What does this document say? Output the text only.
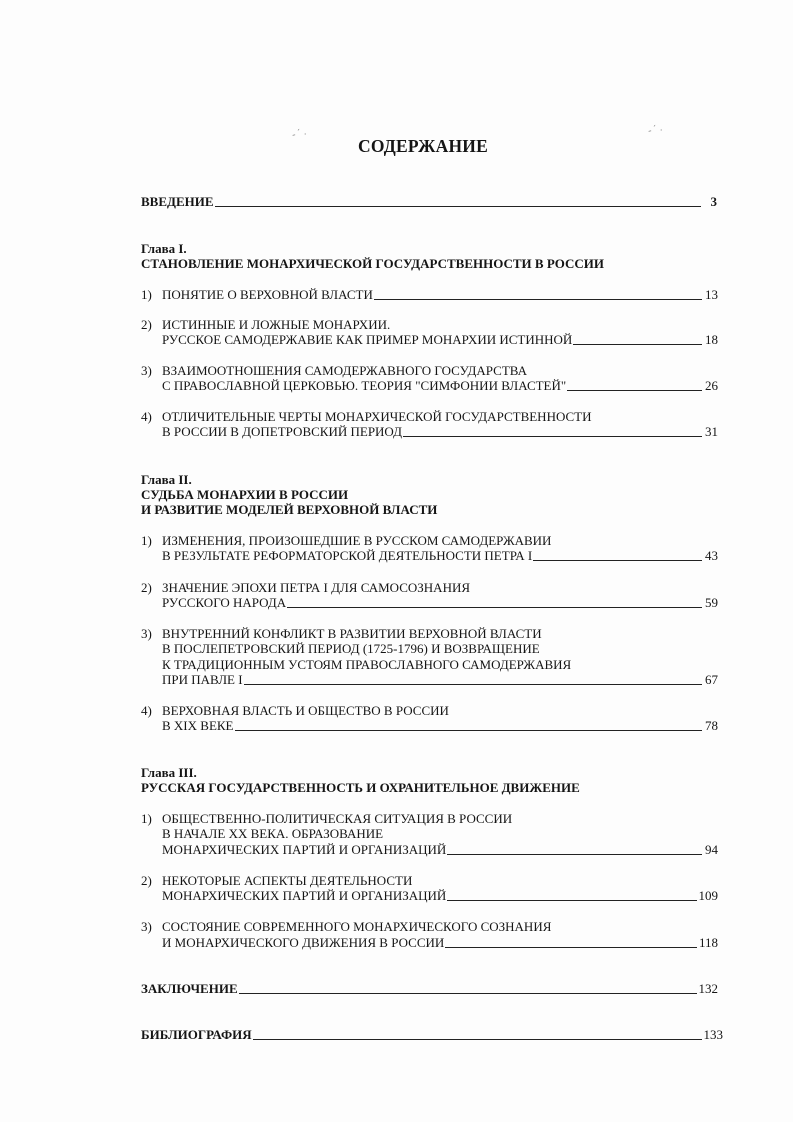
- ´ .	- ´ .
СОДЕРЖАНИЕ
ВВЕДЕНИЕ	3
Глава I.
СТАНОВЛЕНИЕ МОНАРХИЧЕСКОЙ ГОСУДАРСТВЕННОСТИ В РОССИИ
1) ПОНЯТИЕ О ВЕРХОВНОЙ ВЛАСТИ	13
2) ИСТИННЫЕ И ЛОЖНЫЕ МОНАРХИИ.
РУССКОЕ САМОДЕРЖАВИЕ КАК ПРИМЕР МОНАРХИИ ИСТИННОЙ	18
3) ВЗАИМООТНОШЕНИЯ САМОДЕРЖАВНОГО ГОСУДАРСТВА
С ПРАВОСЛАВНОЙ ЦЕРКОВЬЮ. ТЕОРИЯ "СИМФОНИИ ВЛАСТЕЙ"	26
4) ОТЛИЧИТЕЛЬНЫЕ ЧЕРТЫ МОНАРХИЧЕСКОЙ ГОСУДАРСТВЕННОСТИ
В РОССИИ В ДОПЕТРОВСКИЙ ПЕРИОД	31
Глава II.
СУДЬБА МОНАРХИИ В РОССИИ
И РАЗВИТИЕ МОДЕЛЕЙ ВЕРХОВНОЙ ВЛАСТИ
1) ИЗМЕНЕНИЯ, ПРОИЗОШЕДШИЕ В РУССКОМ САМОДЕРЖАВИИ
В РЕЗУЛЬТАТЕ РЕФОРМАТОРСКОЙ ДЕЯТЕЛЬНОСТИ ПЕТРА I	43
2) ЗНАЧЕНИЕ ЭПОХИ ПЕТРА I ДЛЯ САМОСОЗНАНИЯ
РУССКОГО НАРОДА	59
3) ВНУТРЕННИЙ КОНФЛИКТ В РАЗВИТИИ ВЕРХОВНОЙ ВЛАСТИ
В ПОСЛЕПЕТРОВСКИЙ ПЕРИОД (1725-1796) И ВОЗВРАЩЕНИЕ
К ТРАДИЦИОННЫМ УСТОЯМ ПРАВОСЛАВНОГО САМОДЕРЖАВИЯ
ПРИ ПАВЛЕ I	67
4) ВЕРХОВНАЯ ВЛАСТЬ И ОБЩЕСТВО В РОССИИ
В XIX ВЕКЕ	78
Глава III.
РУССКАЯ ГОСУДАРСТВЕННОСТЬ И ОХРАНИТЕЛЬНОЕ ДВИЖЕНИЕ
1) ОБЩЕСТВЕННО-ПОЛИТИЧЕСКАЯ СИТУАЦИЯ В РОССИИ
В НАЧАЛЕ XX ВЕКА. ОБРАЗОВАНИЕ
МОНАРХИЧЕСКИХ ПАРТИЙ И ОРГАНИЗАЦИЙ	94
2) НЕКОТОРЫЕ АСПЕКТЫ ДЕЯТЕЛЬНОСТИ
МОНАРХИЧЕСКИХ ПАРТИЙ И ОРГАНИЗАЦИЙ	109
3) СОСТОЯНИЕ СОВРЕМЕННОГО МОНАРХИЧЕСКОГО СОЗНАНИЯ
И МОНАРХИЧЕСКОГО ДВИЖЕНИЯ В РОССИИ	118
ЗАКЛЮЧЕНИЕ	132
БИБЛИОГРАФИЯ	133
